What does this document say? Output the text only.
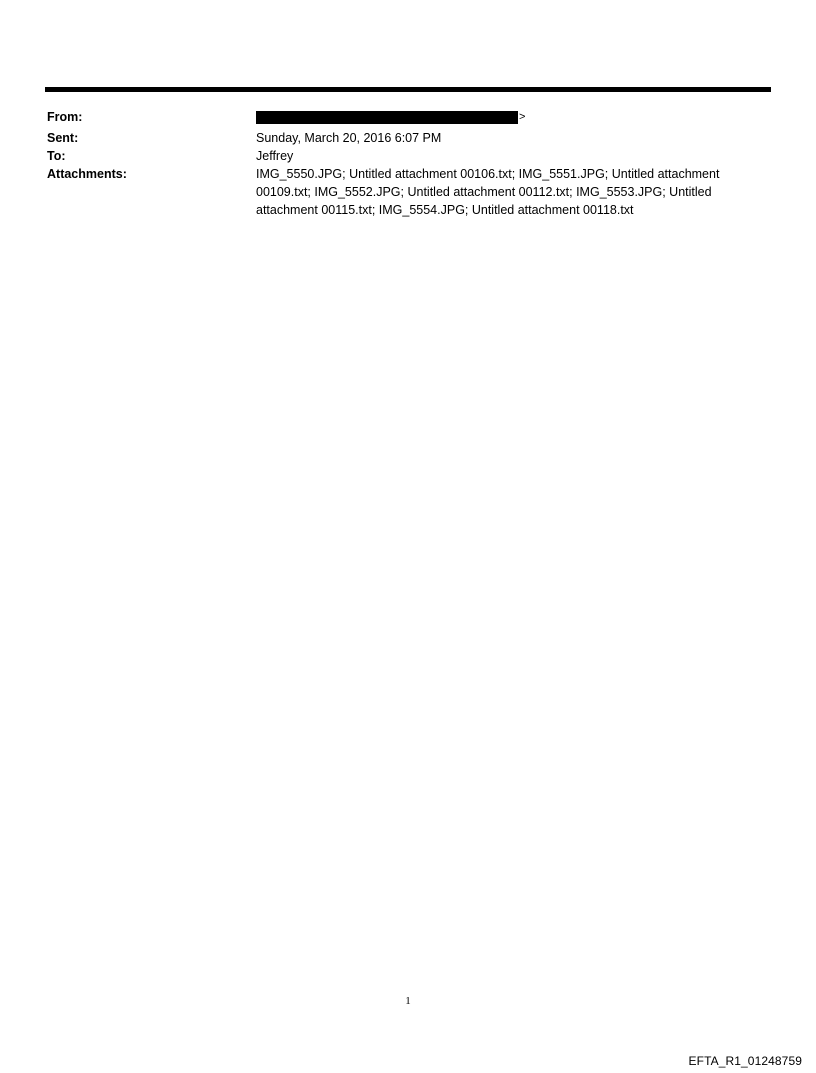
From:	>
Sent:	Sunday, March 20, 2016 6:07 PM
To:	Jeffrey
Attachments:	IMG_5550.JPG; Untitled attachment 00106.txt; IMG_5551.JPG; Untitled attachment 00109.txt; IMG_5552.JPG; Untitled attachment 00112.txt; IMG_5553.JPG; Untitled attachment 00115.txt; IMG_5554.JPG; Untitled attachment 00118.txt
1
EFTA_R1_01248759
